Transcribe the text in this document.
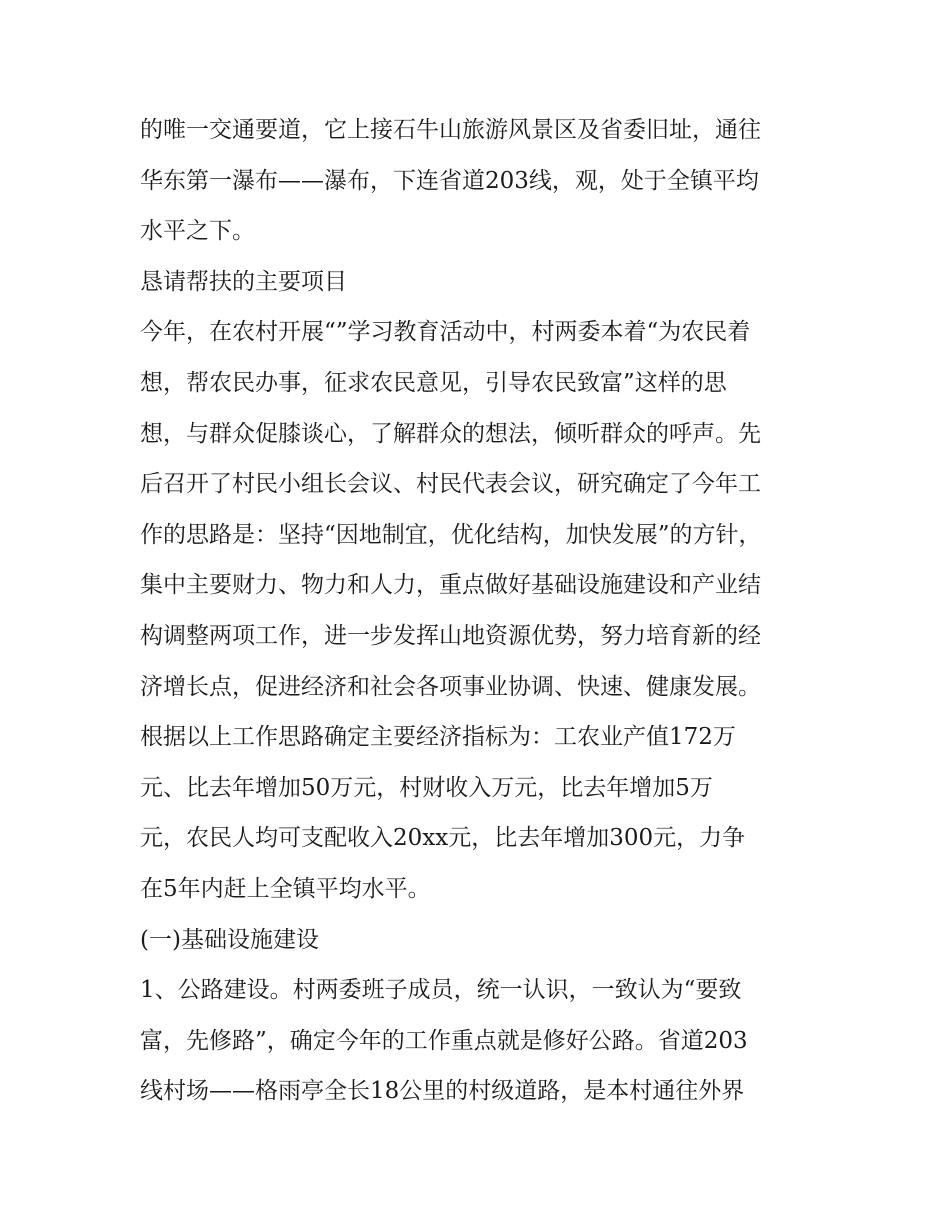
的唯一交通要道，它上接石牛山旅游风景区及省委旧址，通往
华东第一瀑布——瀑布，下连省道203线，观，处于全镇平均
水平之下。
恳请帮扶的主要项目
今年，在农村开展“”学习教育活动中，村两委本着“为农民着
想，帮农民办事，征求农民意见，引导农民致富”这样的思
想，与群众促膝谈心，了解群众的想法，倾听群众的呼声。先
后召开了村民小组长会议、村民代表会议，研究确定了今年工
作的思路是：坚持“因地制宜，优化结构，加快发展”的方针，
集中主要财力、物力和人力，重点做好基础设施建设和产业结
构调整两项工作，进一步发挥山地资源优势，努力培育新的经
济增长点，促进经济和社会各项事业协调、快速、健康发展。
根据以上工作思路确定主要经济指标为：工农业产值172万
元、比去年增加50万元，村财收入万元，比去年增加5万
元，农民人均可支配收入20xx元，比去年增加300元，力争
在5年内赶上全镇平均水平。
(一)基础设施建设
1、公路建设。村两委班子成员，统一认识，一致认为“要致
富，先修路”，确定今年的工作重点就是修好公路。省道203
线村场——格雨亭全长18公里的村级道路，是本村通往外界
